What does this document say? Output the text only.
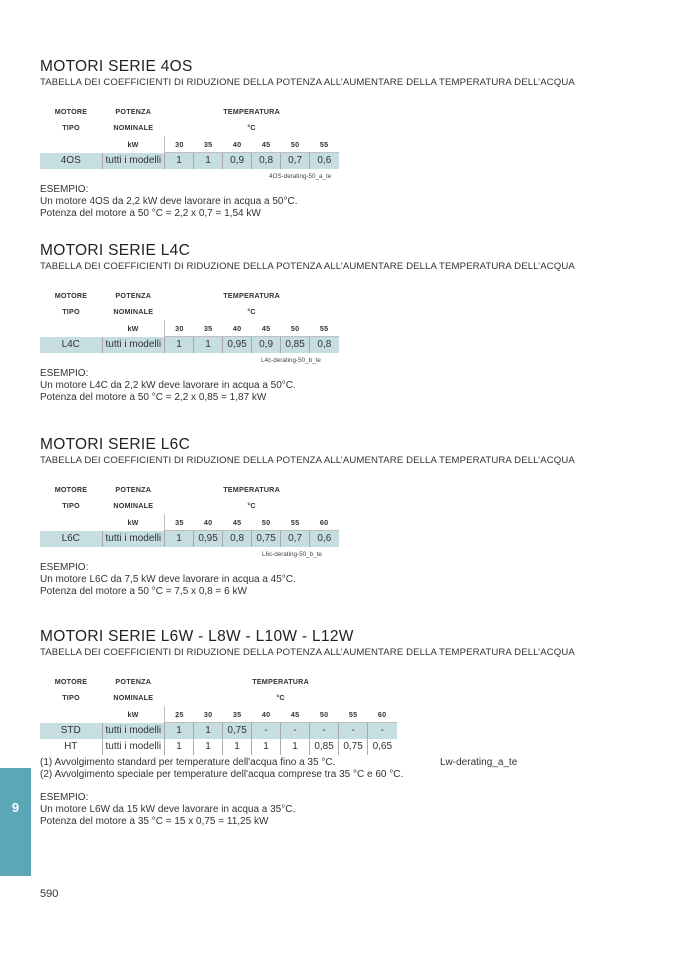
MOTORI SERIE 4OS
TABELLA DEI COEFFICIENTI DI RIDUZIONE DELLA POTENZA ALL’AUMENTARE DELLA TEMPERATURA DELL’ACQUA
MOTORE	POTENZA	TEMPERATURA					
TIPO	NOMINALE	°C					
	kW	30	35	40	45	50	55
4OS	tutti i modelli	1	1	0,9	0,8	0,7	0,6
4OS-derating-50_a_te
ESEMPIO:
Un motore 4OS da 2,2 kW deve lavorare in acqua a 50°C.
Potenza del motore a 50 °C = 2,2 x 0,7 = 1,54 kW
MOTORI SERIE L4C
TABELLA DEI COEFFICIENTI DI RIDUZIONE DELLA POTENZA ALL’AUMENTARE DELLA TEMPERATURA DELL’ACQUA
MOTORE	POTENZA	TEMPERATURA					
TIPO	NOMINALE	°C					
	kW	30	35	40	45	50	55
L4C	tutti i modelli	1	1	0,95	0,9	0,85	0,8
L4c-derating-50_b_te
ESEMPIO:
Un motore L4C da 2,2 kW deve lavorare in acqua a 50°C.
Potenza del motore a 50 °C = 2,2 x 0,85 = 1,87 kW
MOTORI SERIE L6C
TABELLA DEI COEFFICIENTI DI RIDUZIONE DELLA POTENZA ALL’AUMENTARE DELLA TEMPERATURA DELL’ACQUA
MOTORE	POTENZA	TEMPERATURA					
TIPO	NOMINALE	°C					
	kW	35	40	45	50	55	60
L6C	tutti i modelli	1	0,95	0,8	0,75	0,7	0,6
L6c-derating-50_b_te
ESEMPIO:
Un motore L6C da 7,5 kW deve lavorare in acqua a 45°C.
Potenza del motore a 50 °C = 7,5 x 0,8 = 6 kW
MOTORI SERIE L6W - L8W - L10W - L12W
TABELLA DEI COEFFICIENTI DI RIDUZIONE DELLA POTENZA ALL’AUMENTARE DELLA TEMPERATURA DELL’ACQUA
MOTORE	POTENZA	TEMPERATURA							
TIPO	NOMINALE	°C							
	kW	25	30	35	40	45	50	55	60
STD	tutti i modelli	1	1	0,75	-	-	-	-	-
HT	tutti i modelli	1	1	1	1	1	0,85	0,75	0,65
(1) Avvolgimento standard per temperature dell'acqua fino a 35 °C.	Lw-derating_a_te
(2) Avvolgimento speciale per temperature dell'acqua comprese tra 35 °C e 60 °C.
ESEMPIO:
Un motore L6W da 15 kW deve lavorare in acqua a 35°C.
Potenza del motore a 35 °C = 15 x 0,75 = 11,25 kW
9
590
